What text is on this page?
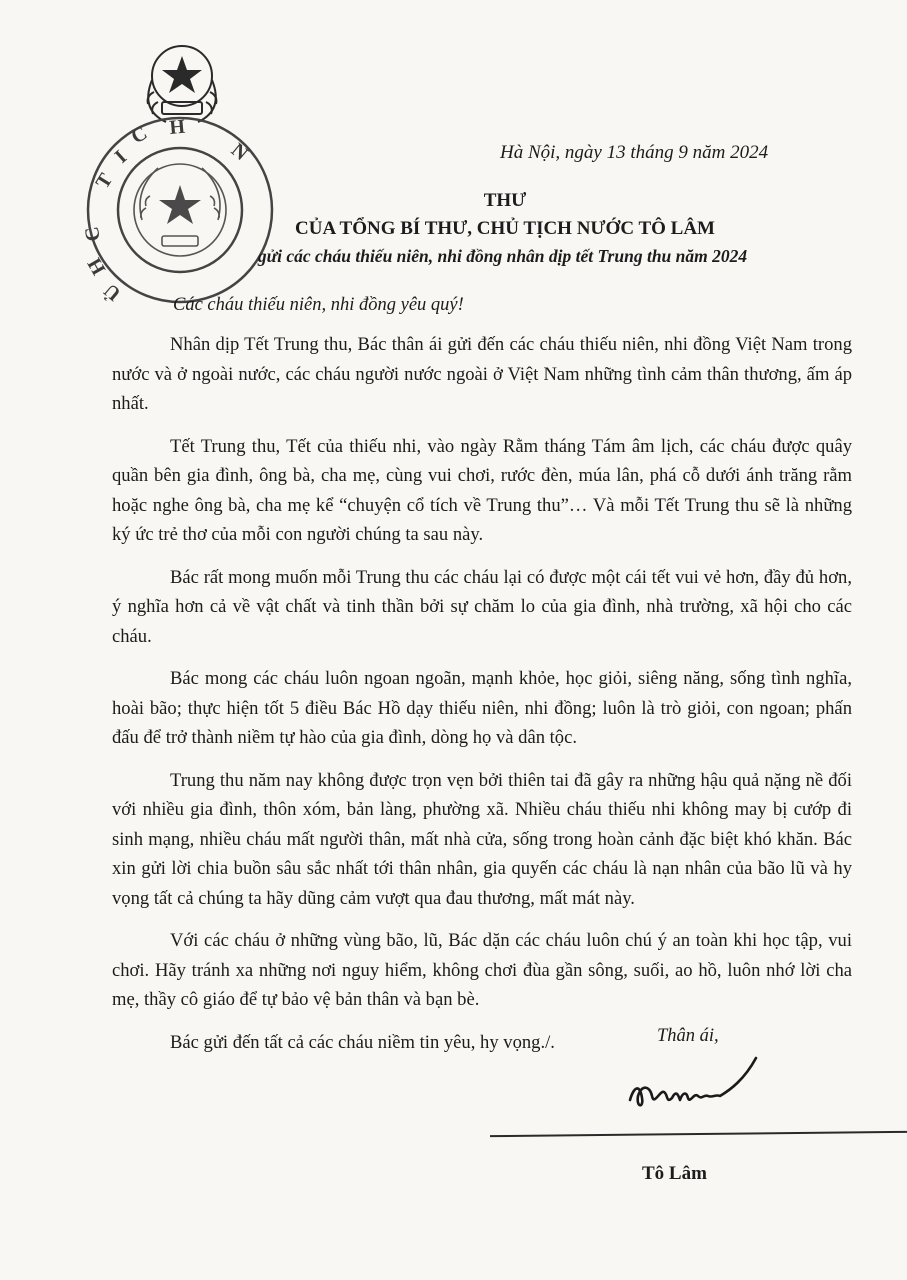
T
I
C H
N
C
H
Ủ
Hà Nội, ngày 13 tháng 9 năm 2024
THƯ
CỦA TỔNG BÍ THƯ, CHỦ TỊCH NƯỚC TÔ LÂM
gửi các cháu thiếu niên, nhi đồng nhân dịp tết Trung thu năm 2024
Các cháu thiếu niên, nhi đồng yêu quý!

Nhân dịp Tết Trung thu, Bác thân ái gửi đến các cháu thiếu niên, nhi đồng Việt Nam trong nước và ở ngoài nước, các cháu người nước ngoài ở Việt Nam những tình cảm thân thương, ấm áp nhất.

Tết Trung thu, Tết của thiếu nhi, vào ngày Rằm tháng Tám âm lịch, các cháu được quây quần bên gia đình, ông bà, cha mẹ, cùng vui chơi, rước đèn, múa lân, phá cỗ dưới ánh trăng rằm hoặc nghe ông bà, cha mẹ kể “chuyện cổ tích về Trung thu”… Và mỗi Tết Trung thu sẽ là những ký ức trẻ thơ của mỗi con người chúng ta sau này.

Bác rất mong muốn mỗi Trung thu các cháu lại có được một cái tết vui vẻ hơn, đầy đủ hơn, ý nghĩa hơn cả về vật chất và tinh thần bởi sự chăm lo của gia đình, nhà trường, xã hội cho các cháu.

Bác mong các cháu luôn ngoan ngoãn, mạnh khỏe, học giỏi, siêng năng, sống tình nghĩa, hoài bão; thực hiện tốt 5 điều Bác Hồ dạy thiếu niên, nhi đồng; luôn là trò giỏi, con ngoan; phấn đấu để trở thành niềm tự hào của gia đình, dòng họ và dân tộc.

Trung thu năm nay không được trọn vẹn bởi thiên tai đã gây ra những hậu quả nặng nề đối với nhiều gia đình, thôn xóm, bản làng, phường xã. Nhiều cháu thiếu nhi không may bị cướp đi sinh mạng, nhiều cháu mất người thân, mất nhà cửa, sống trong hoàn cảnh đặc biệt khó khăn. Bác xin gửi lời chia buồn sâu sắc nhất tới thân nhân, gia quyến các cháu là nạn nhân của bão lũ và hy vọng tất cả chúng ta hãy dũng cảm vượt qua đau thương, mất mát này.

Với các cháu ở những vùng bão, lũ, Bác dặn các cháu luôn chú ý an toàn khi học tập, vui chơi. Hãy tránh xa những nơi nguy hiểm, không chơi đùa gần sông, suối, ao hồ, luôn nhớ lời cha mẹ, thầy cô giáo để tự bảo vệ bản thân và bạn bè.

Bác gửi đến tất cả các cháu niềm tin yêu, hy vọng./.	Thân ái,
Tô Lâm
